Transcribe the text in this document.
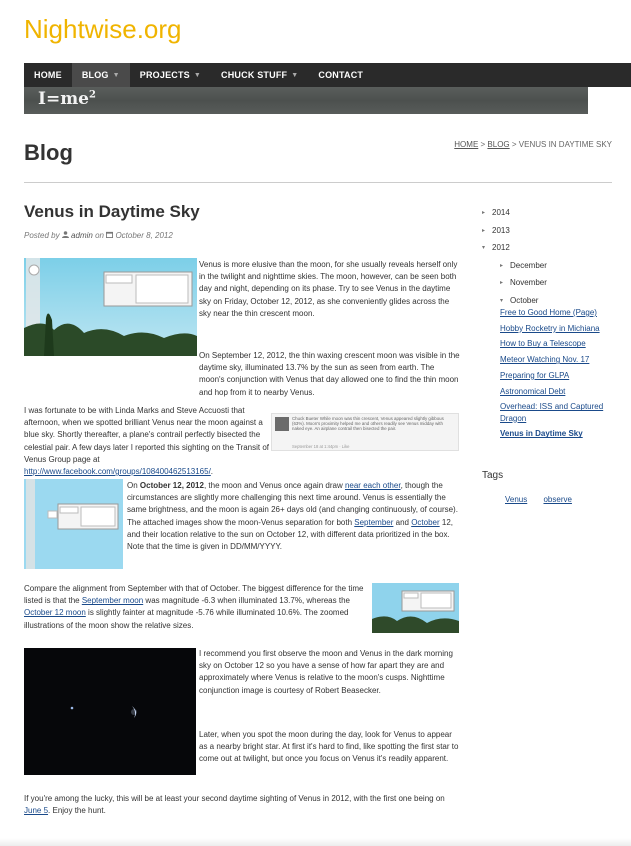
Nightwise.org
HOME BLOG ▼ PROJECTS ▼ CHUCK STUFF ▼ CONTACT
$I=me^2$
Blog	HOME > BLOG > VENUS IN DAYTIME SKY
Venus in Daytime Sky
Posted by admin on October 8, 2012
Venus is more elusive than the moon, for she usually reveals herself only in the twilight and nighttime skies. The moon, however, can be seen both day and night, depending on its phase. Try to see Venus in the daytime sky on Friday, October 12, 2012, as she conveniently glides across the sky near the thin crescent moon.
On September 12, 2012, the thin waxing crescent moon was visible in the daytime sky, illuminated 13.7% by the sun as seen from earth. The moon's conjunction with Venus that day allowed one to find the thin moon and hop from it to nearby Venus.
I was fortunate to be with Linda Marks and Steve Accuosti that afternoon, when we spotted brilliant Venus near the moon against a blue sky. Shortly thereafter, a plane's contrail perfectly bisected the celestial pair. A few days later I reported this sighting on the Transit of Venus Group page at http://www.facebook.com/groups/108400462513165/.
Chuck Bueter While moon was thin crescent, Venus appeared slightly gibbous (63%). Moon's proximity helped me and others readily see Venus midday with naked eye. An airplane contrail then bisected the pair.
September 18 at 1:44pm · Like
On October 12, 2012, the moon and Venus once again draw near each other, though the circumstances are slightly more challenging this next time around. Venus is essentially the same brightness, and the moon is again 26+ days old (and changing continuously, of course). The attached images show the moon-Venus separation for both September and October 12, and their location relative to the sun on October 12, with different data prioritized in the box. Note that the time is given in DD/MM/YYYY.
Compare the alignment from September with that of October. The biggest difference for the time listed is that the September moon was magnitude -6.3 when illuminated 13.7%, whereas the October 12 moon is slightly fainter at magnitude -5.76 while illuminated 10.6%. The zoomed illustrations of the moon show the relative sizes.
I recommend you first observe the moon and Venus in the dark morning sky on October 12 so you have a sense of how far apart they are and approximately where Venus is relative to the moon's cusps. Nighttime conjunction image is courtesy of Robert Beasecker.
Later, when you spot the moon during the day, look for Venus to appear as a nearby bright star. At first it's hard to find, like spotting the first star to come out at twilight, but once you focus on Venus it's readily apparent.
If you're among the lucky, this will be at least your second daytime sighting of Venus in 2012, with the first one being on June 5. Enjoy the hunt.
▸ 2014
▸ 2013
▾ 2012
▸ December
▸ November
▾ October
Free to Good Home (Page)
Hobby Rocketry in Michiana
How to Buy a Telescope
Meteor Watching Nov. 17
Preparing for GLPA
Astronomical Debt
Overhead: ISS and Captured Dragon
Venus in Daytime Sky
Tags
Venus observe
